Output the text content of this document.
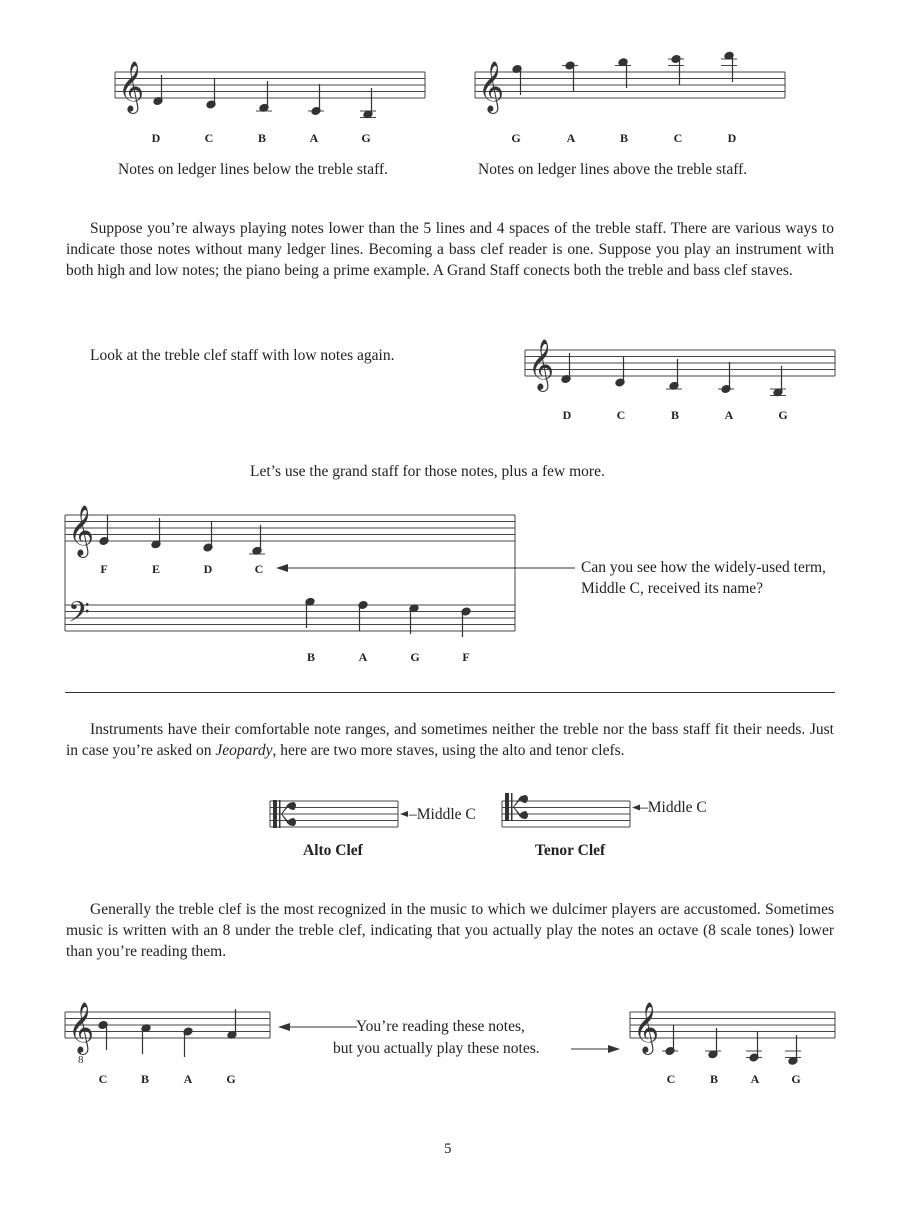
𝄞
D	C	B	A	G
Notes on ledger lines below the treble staff.
𝄞
G	A	B	C	D
Notes on ledger lines above the treble staff.
Suppose you’re always playing notes lower than the 5 lines and 4 spaces of the treble staff. There are various ways to indicate those notes without many ledger lines. Becoming a bass clef reader is one. Suppose you play an instrument with both high and low notes; the piano being a prime example. A Grand Staff conects both the treble and bass clef staves.
Look at the treble clef staff with low notes again.	𝄞
D	C	B	A	G
Let’s use the grand staff for those notes, plus a few more.
𝄞
𝄢
F	E	D	C
B	A	G	F
Can you see how the widely-used term, Middle C, received its name?
Instruments have their comfortable note ranges, and sometimes neither the treble nor the bass staff fit their needs. Just in case you’re asked on Jeopardy, here are two more staves, using the alto and tenor clefs.
–Middle C
Alto Clef
–Middle C
Tenor Clef
Generally the treble clef is the most recognized in the music to which we dulcimer players are accustomed. Sometimes music is written with an 8 under the treble clef, indicating that you actually play the notes an octave (8 scale tones) lower than you’re reading them.
𝄞
8
C	B	A	G
You’re reading these notes,
but you actually play these notes. 𝄞
C	B	A	G
5
